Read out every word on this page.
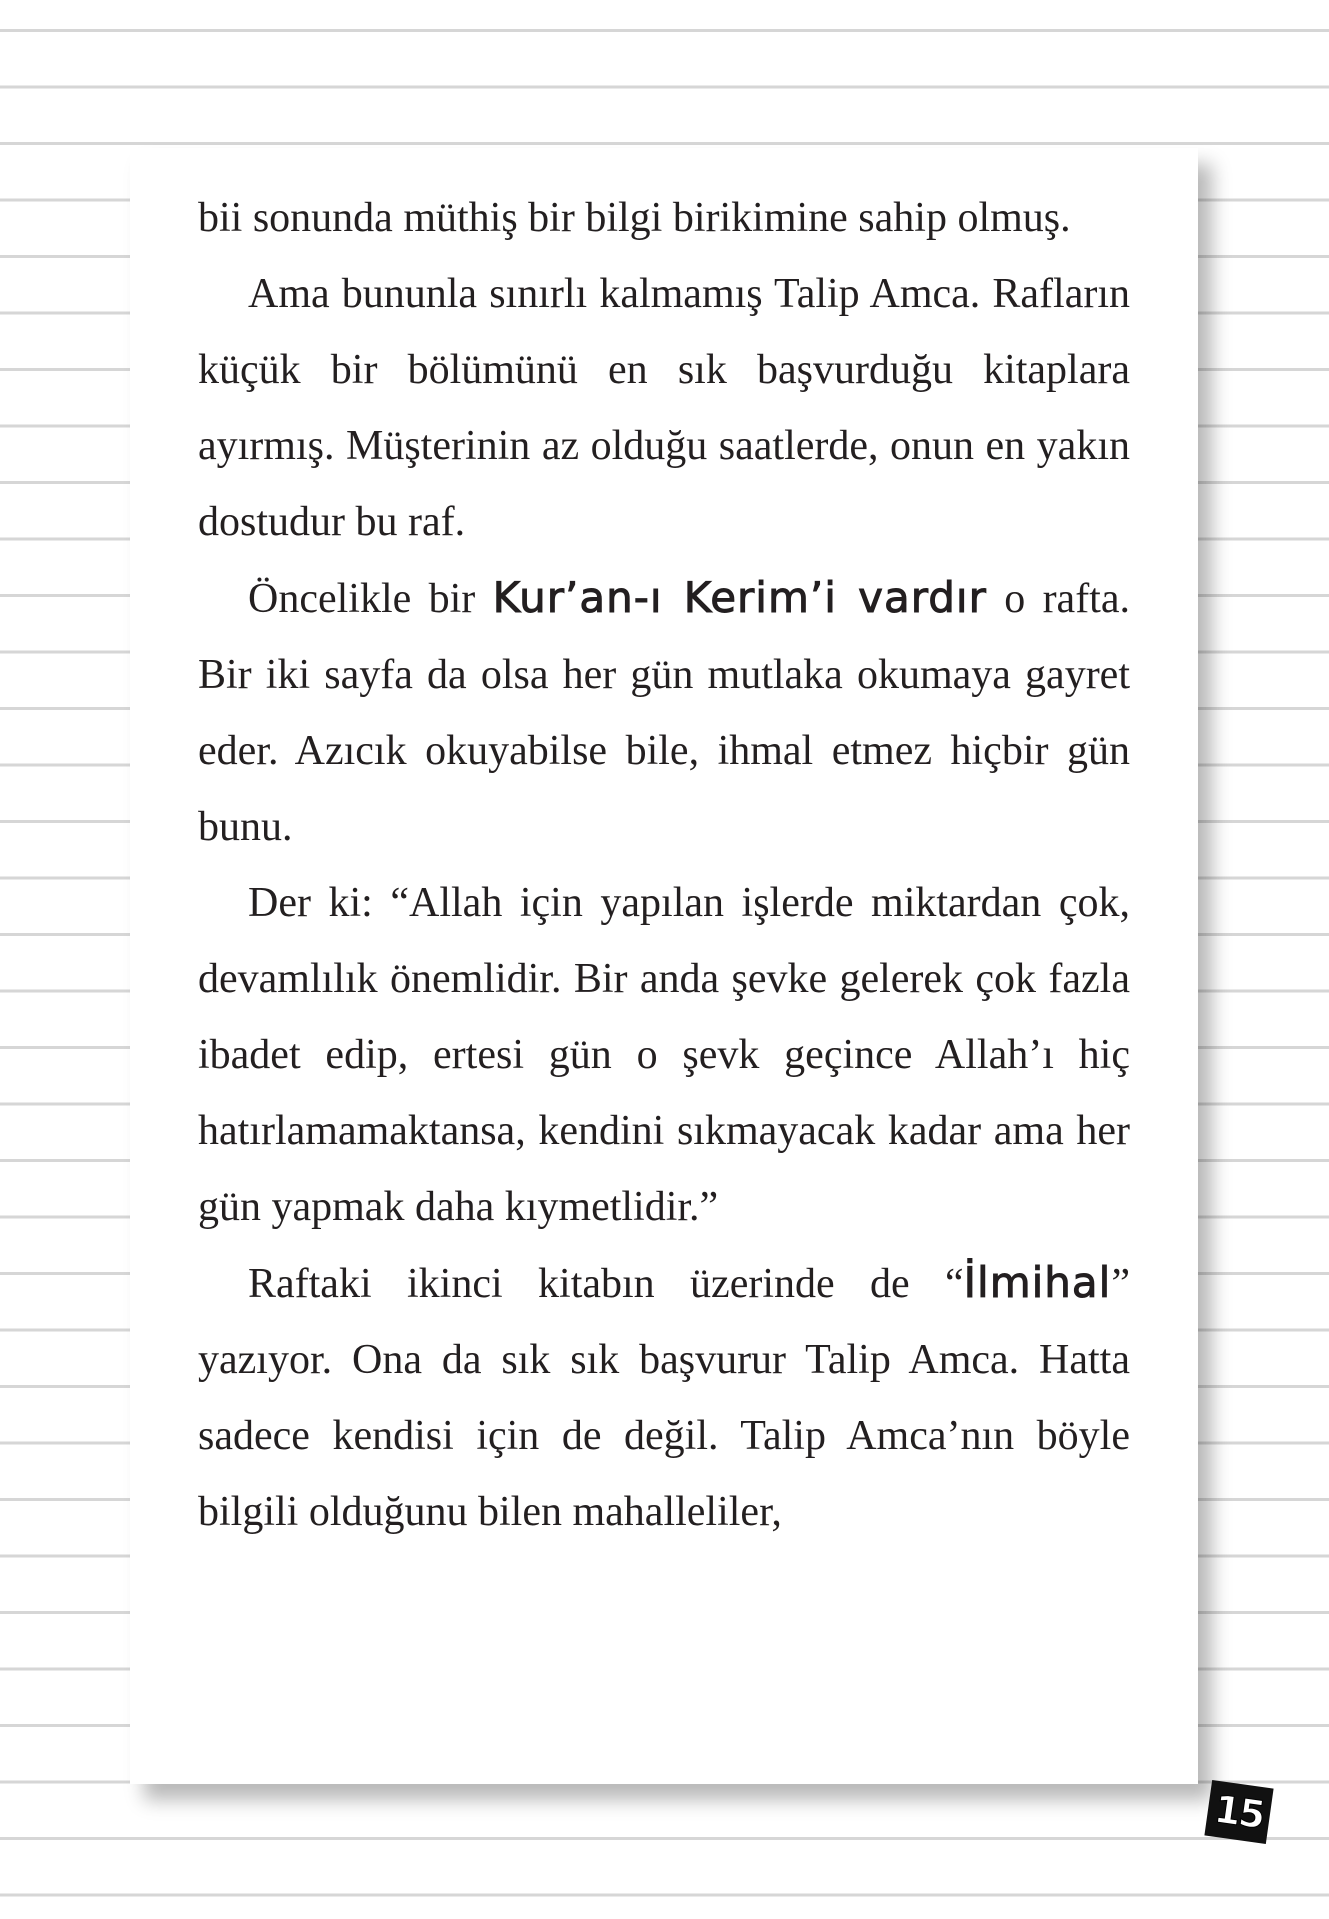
bii sonunda müthiş bir bilgi birikimine sahip olmuş.

Ama bununla sınırlı kalmamış Talip Amca. Rafların küçük bir bölümünü en sık başvurduğu kitaplara ayırmış. Müşterinin az olduğu saatlerde, onun en yakın dostudur bu raf.

Öncelikle bir Kur’an-ı Kerim’i vardır o rafta. Bir iki sayfa da olsa her gün mutlaka okumaya gayret eder. Azıcık okuyabilse bile, ihmal etmez hiçbir gün bunu.

Der ki: “Allah için yapılan işlerde miktardan çok, devamlılık önemlidir. Bir anda şevke gelerek çok fazla ibadet edip, ertesi gün o şevk geçince Allah’ı hiç hatırlamamaktansa, kendini sıkmayacak kadar ama her gün yapmak daha kıymetlidir.”

Raftaki ikinci kitabın üzerinde de “İlmihal” yazıyor. Ona da sık sık başvurur Talip Amca. Hatta sadece kendisi için de değil. Talip Amca’nın böyle bilgili olduğunu bilen mahalleliler,

15
